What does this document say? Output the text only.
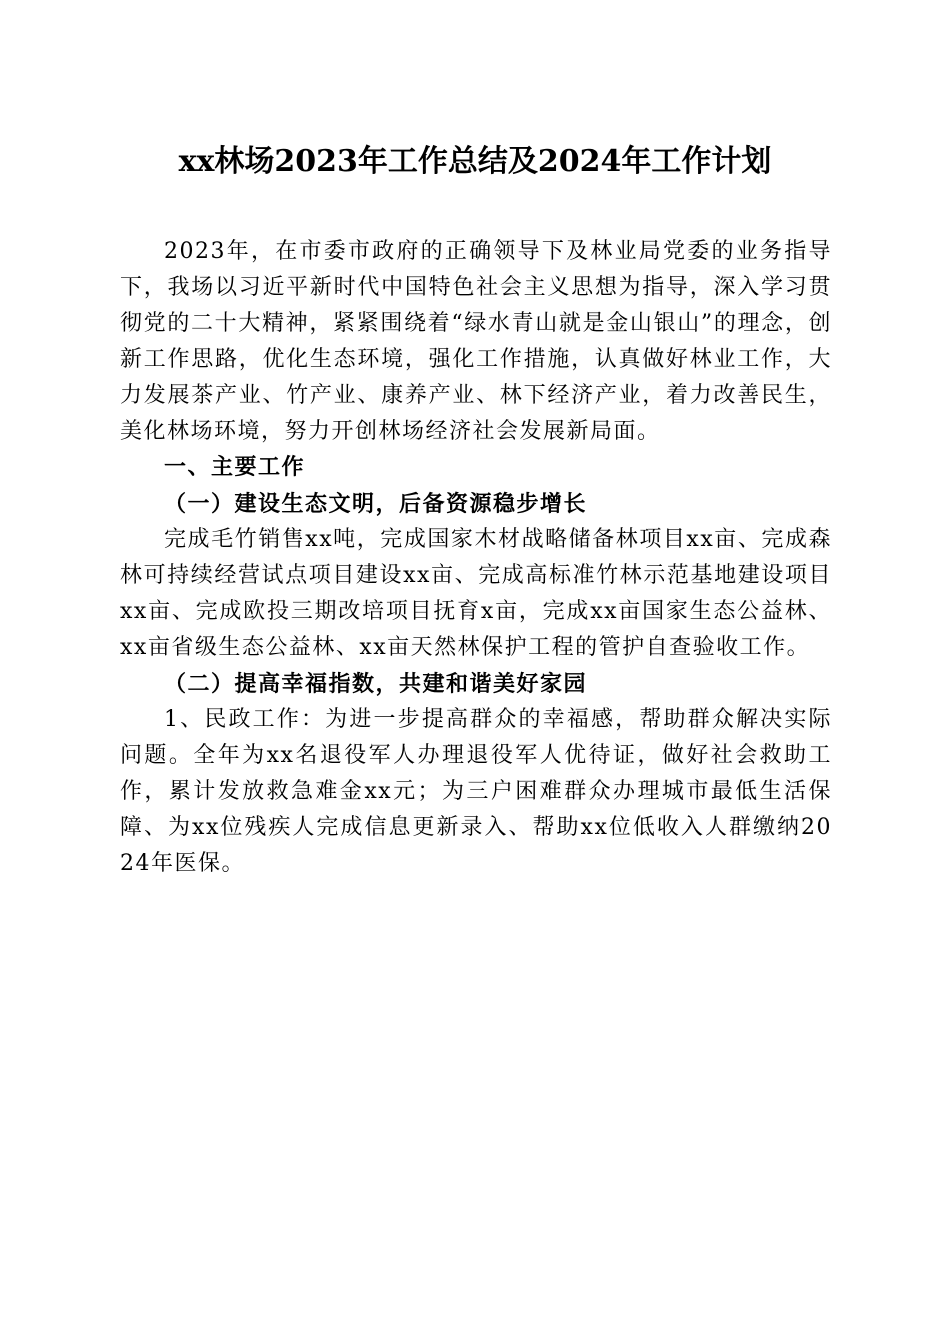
xx林场2023年工作总结及2024年工作计划

2023年，在市委市政府的正确领导下及林业局党委的业务指导下，我场以习近平新时代中国特色社会主义思想为指导，深入学习贯彻党的二十大精神，紧紧围绕着“绿水青山就是金山银山”的理念，创新工作思路，优化生态环境，强化工作措施，认真做好林业工作，大力发展茶产业、竹产业、康养产业、林下经济产业，着力改善民生，美化林场环境，努力开创林场经济社会发展新局面。

一、主要工作

（一）建设生态文明，后备资源稳步增长

完成毛竹销售xx吨，完成国家木材战略储备林项目xx亩、完成森林可持续经营试点项目建设xx亩、完成高标准竹林示范基地建设项目xx亩、完成欧投三期改培项目抚育x亩，完成xx亩国家生态公益林、xx亩省级生态公益林、xx亩天然林保护工程的管护自查验收工作。

（二）提高幸福指数，共建和谐美好家园

1、民政工作：为进一步提高群众的幸福感，帮助群众解决实际问题。全年为xx名退役军人办理退役军人优待证，做好社会救助工作，累计发放救急难金xx元；为三户困难群众办理城市最低生活保障、为xx位残疾人完成信息更新录入、帮助xx位低收入人群缴纳2024年医保。
